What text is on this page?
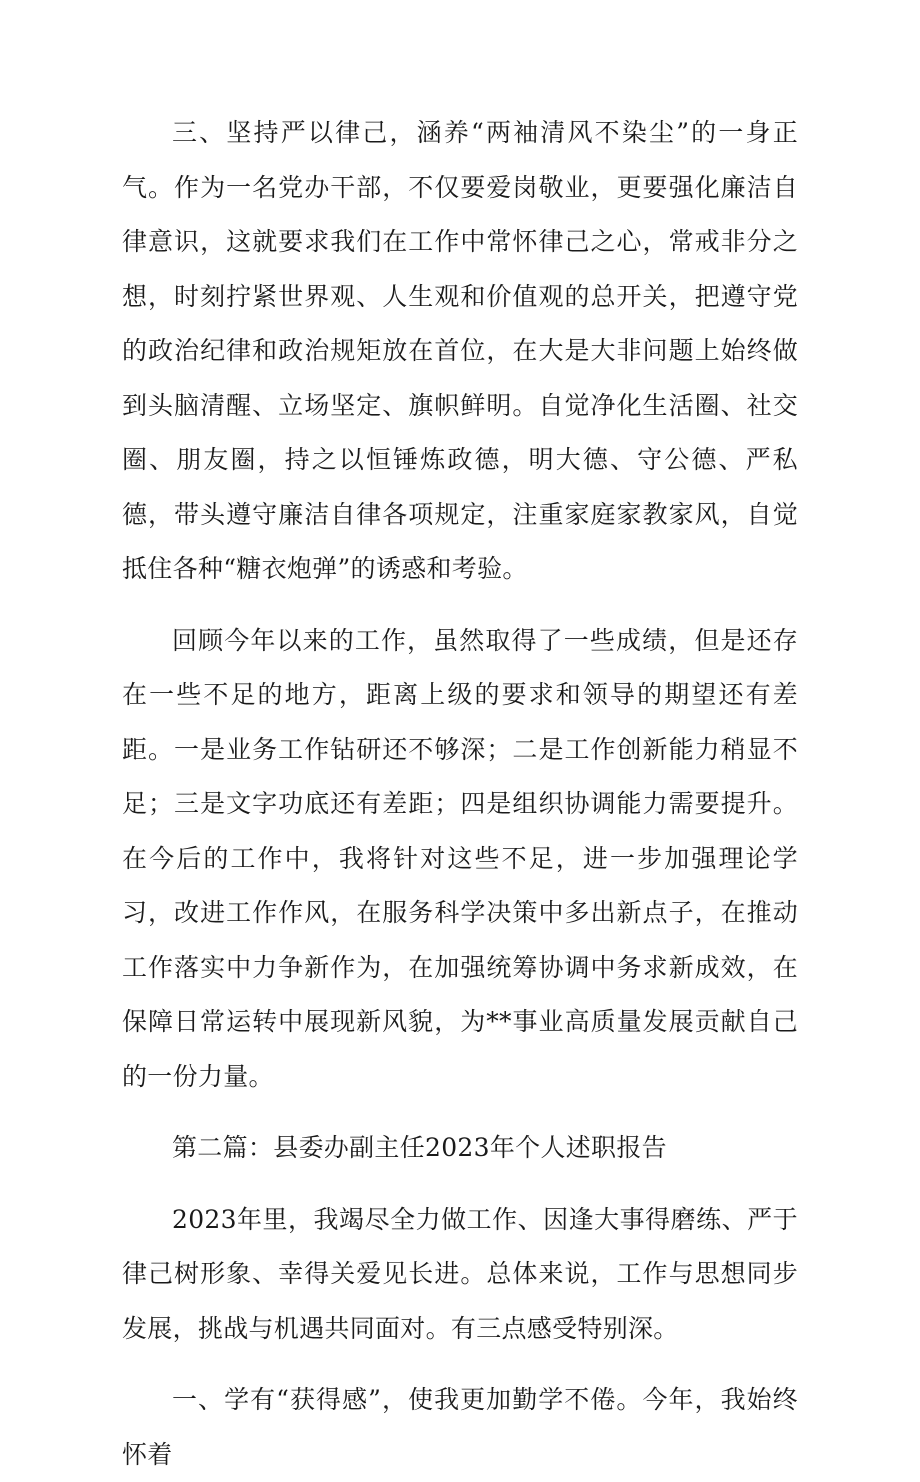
三、坚持严以律己，涵养“两袖清风不染尘”的一身正气。作为一名党办干部，不仅要爱岗敬业，更要强化廉洁自律意识，这就要求我们在工作中常怀律己之心，常戒非分之想，时刻拧紧世界观、人生观和价值观的总开关，把遵守党的政治纪律和政治规矩放在首位，在大是大非问题上始终做到头脑清醒、立场坚定、旗帜鲜明。自觉净化生活圈、社交圈、朋友圈，持之以恒锤炼政德，明大德、守公德、严私德，带头遵守廉洁自律各项规定，注重家庭家教家风，自觉抵住各种“糖衣炮弹”的诱惑和考验。

回顾今年以来的工作，虽然取得了一些成绩，但是还存在一些不足的地方，距离上级的要求和领导的期望还有差距。一是业务工作钻研还不够深；二是工作创新能力稍显不足；三是文字功底还有差距；四是组织协调能力需要提升。在今后的工作中，我将针对这些不足，进一步加强理论学习，改进工作作风，在服务科学决策中多出新点子，在推动工作落实中力争新作为，在加强统筹协调中务求新成效，在保障日常运转中展现新风貌，为**事业高质量发展贡献自己的一份力量。

第二篇：县委办副主任2023年个人述职报告

2023年里，我竭尽全力做工作、因逢大事得磨练、严于律己树形象、幸得关爱见长进。总体来说，工作与思想同步发展，挑战与机遇共同面对。有三点感受特别深。

一、学有“获得感”，使我更加勤学不倦。今年，我始终怀着
